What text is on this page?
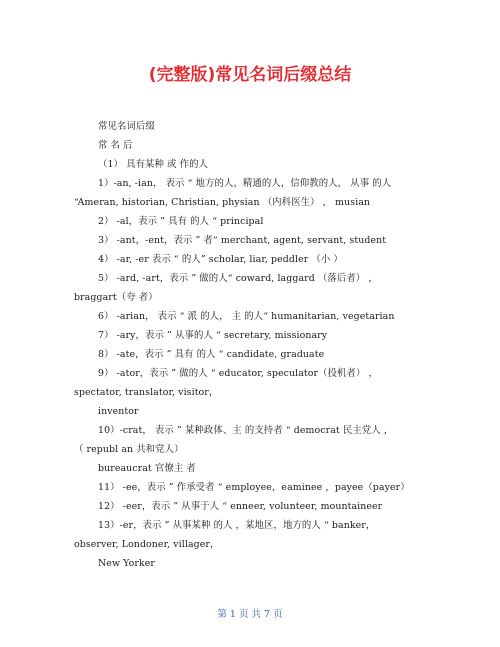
(完整版)常见名词后缀总结
常见名词后缀
常 名 后
（1） 具有某种 或 作的人
1）-an, -ian， 表示 “ 地方的人，精通的人，信仰教的人， 从事 的人
“Ameran, historian, Christian, physian （内科医生） ， musian
2） -al，表示 ” 具有 的人 “ principal
3） -ant，-ent，表示 ” 者“ merchant, agent, servant, student
4） -ar, -er 表示 “ 的人” scholar, liar, peddler （小 ）
5） -ard, -art，表示 ” 做的人“ coward, laggard （落后者） ，
braggart（夸 者）
6） -arian， 表示 “ 派 的人， 主 的人“ humanitarian, vegetarian
7） -ary，表示 ” 从事的人 “ secretary, missionary
8） -ate，表示 ” 具有 的人 “ candidate, graduate
9） -ator，表示 ” 做的人 “ educator, speculator（投机者） ，
spectator, translator, visitor，
inventor
10）-crat， 表示 ” 某种政体、主 的支持者 “ democrat 民主党人 ，
（ republ an 共和党人）
bureaucrat 官僚主 者
11） -ee，表示 ” 作承受者 “ employee，eaminee ，payee（payer）
12） -eer，表示 ” 从事于人 “ enneer, volunteer, mountaineer
13）-er，表示 ” 从事某种 的人 ，某地区，地方的人 “ banker，
observer, Londoner, villager，
New Yorker
第 1 页 共 7 页
